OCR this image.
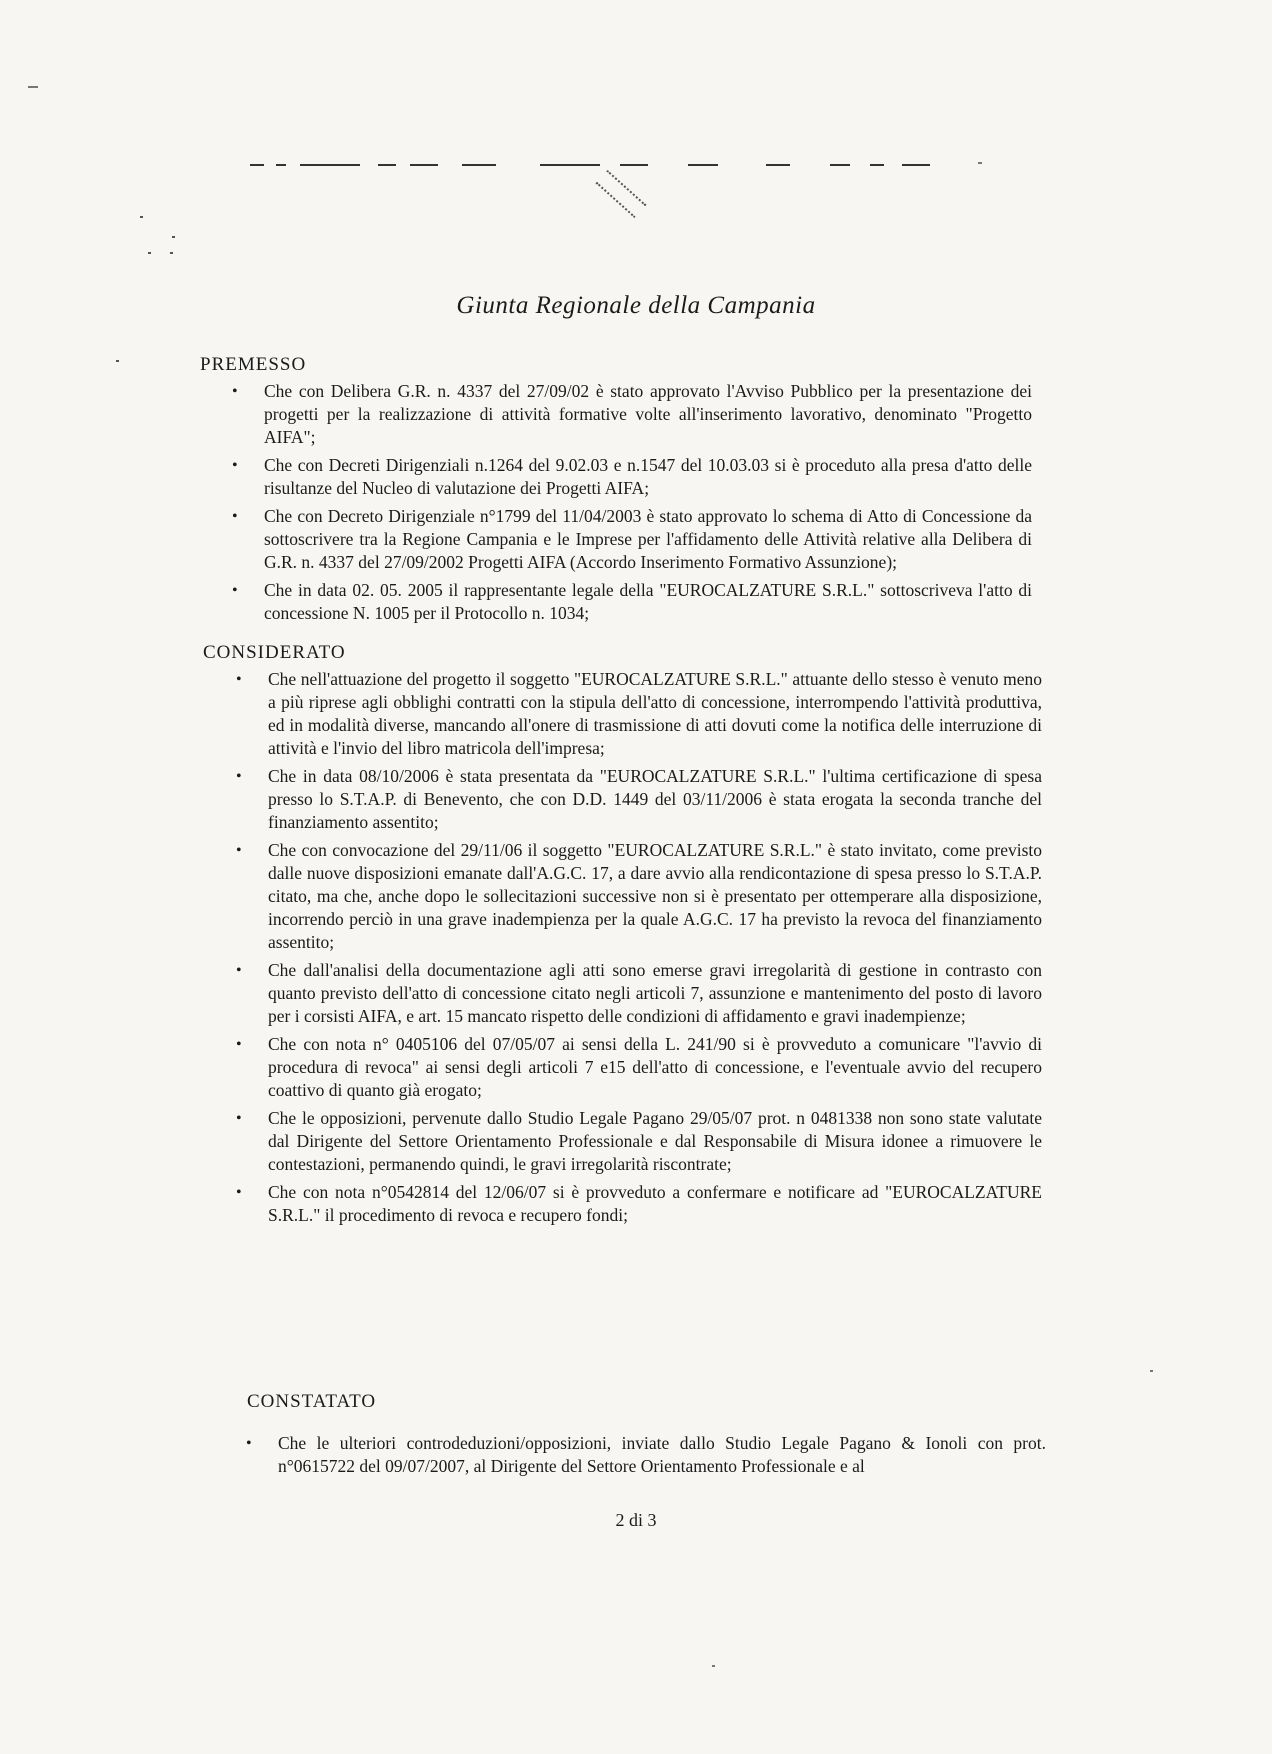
Giunta Regionale della Campania
PREMESSO
• Che con Delibera G.R. n. 4337 del 27/09/02 è stato approvato l'Avviso Pubblico per la presentazione dei progetti per la realizzazione di attività formative volte all'inserimento lavorativo, denominato "Progetto AIFA";
• Che con Decreti Dirigenziali n.1264 del 9.02.03 e n.1547 del 10.03.03 si è proceduto alla presa d'atto delle risultanze del Nucleo di valutazione dei Progetti AIFA;
• Che con Decreto Dirigenziale n°1799 del 11/04/2003 è stato approvato lo schema di Atto di Concessione da sottoscrivere tra la Regione Campania e le Imprese per l'affidamento delle Attività relative alla Delibera di G.R. n. 4337 del 27/09/2002 Progetti AIFA (Accordo Inserimento Formativo Assunzione);
• Che in data 02. 05. 2005 il rappresentante legale della "EUROCALZATURE S.R.L." sottoscriveva l'atto di concessione N. 1005 per il Protocollo n. 1034;
CONSIDERATO
• Che nell'attuazione del progetto il soggetto "EUROCALZATURE S.R.L." attuante dello stesso è venuto meno a più riprese agli obblighi contratti con la stipula dell'atto di concessione, interrompendo l'attività produttiva, ed in modalità diverse, mancando all'onere di trasmissione di atti dovuti come la notifica delle interruzione di attività e l'invio del libro matricola dell'impresa;
• Che in data 08/10/2006 è stata presentata da "EUROCALZATURE S.R.L." l'ultima certificazione di spesa presso lo S.T.A.P. di Benevento, che con D.D. 1449 del 03/11/2006 è stata erogata la seconda tranche del finanziamento assentito;
• Che con convocazione del 29/11/06 il soggetto "EUROCALZATURE S.R.L." è stato invitato, come previsto dalle nuove disposizioni emanate dall'A.G.C. 17, a dare avvio alla rendicontazione di spesa presso lo S.T.A.P. citato, ma che, anche dopo le sollecitazioni successive non si è presentato per ottemperare alla disposizione, incorrendo perciò in una grave inadempienza per la quale A.G.C. 17 ha previsto la revoca del finanziamento assentito;
• Che dall'analisi della documentazione agli atti sono emerse gravi irregolarità di gestione in contrasto con quanto previsto dell'atto di concessione citato negli articoli 7, assunzione e mantenimento del posto di lavoro per i corsisti AIFA, e art. 15 mancato rispetto delle condizioni di affidamento e gravi inadempienze;
• Che con nota n° 0405106 del 07/05/07 ai sensi della L. 241/90 si è provveduto a comunicare "l'avvio di procedura di revoca" ai sensi degli articoli 7 e15 dell'atto di concessione, e l'eventuale avvio del recupero coattivo di quanto già erogato;
• Che le opposizioni, pervenute dallo Studio Legale Pagano 29/05/07 prot. n 0481338 non sono state valutate dal Dirigente del Settore Orientamento Professionale e dal Responsabile di Misura idonee a rimuovere le contestazioni, permanendo quindi, le gravi irregolarità riscontrate;
• Che con nota n°0542814 del 12/06/07 si è provveduto a confermare e notificare ad "EUROCALZATURE S.R.L." il procedimento di revoca e recupero fondi;
CONSTATATO
• Che le ulteriori controdeduzioni/opposizioni, inviate dallo Studio Legale Pagano & Ionoli con prot. n°0615722 del 09/07/2007, al Dirigente del Settore Orientamento Professionale e al
2 di 3
